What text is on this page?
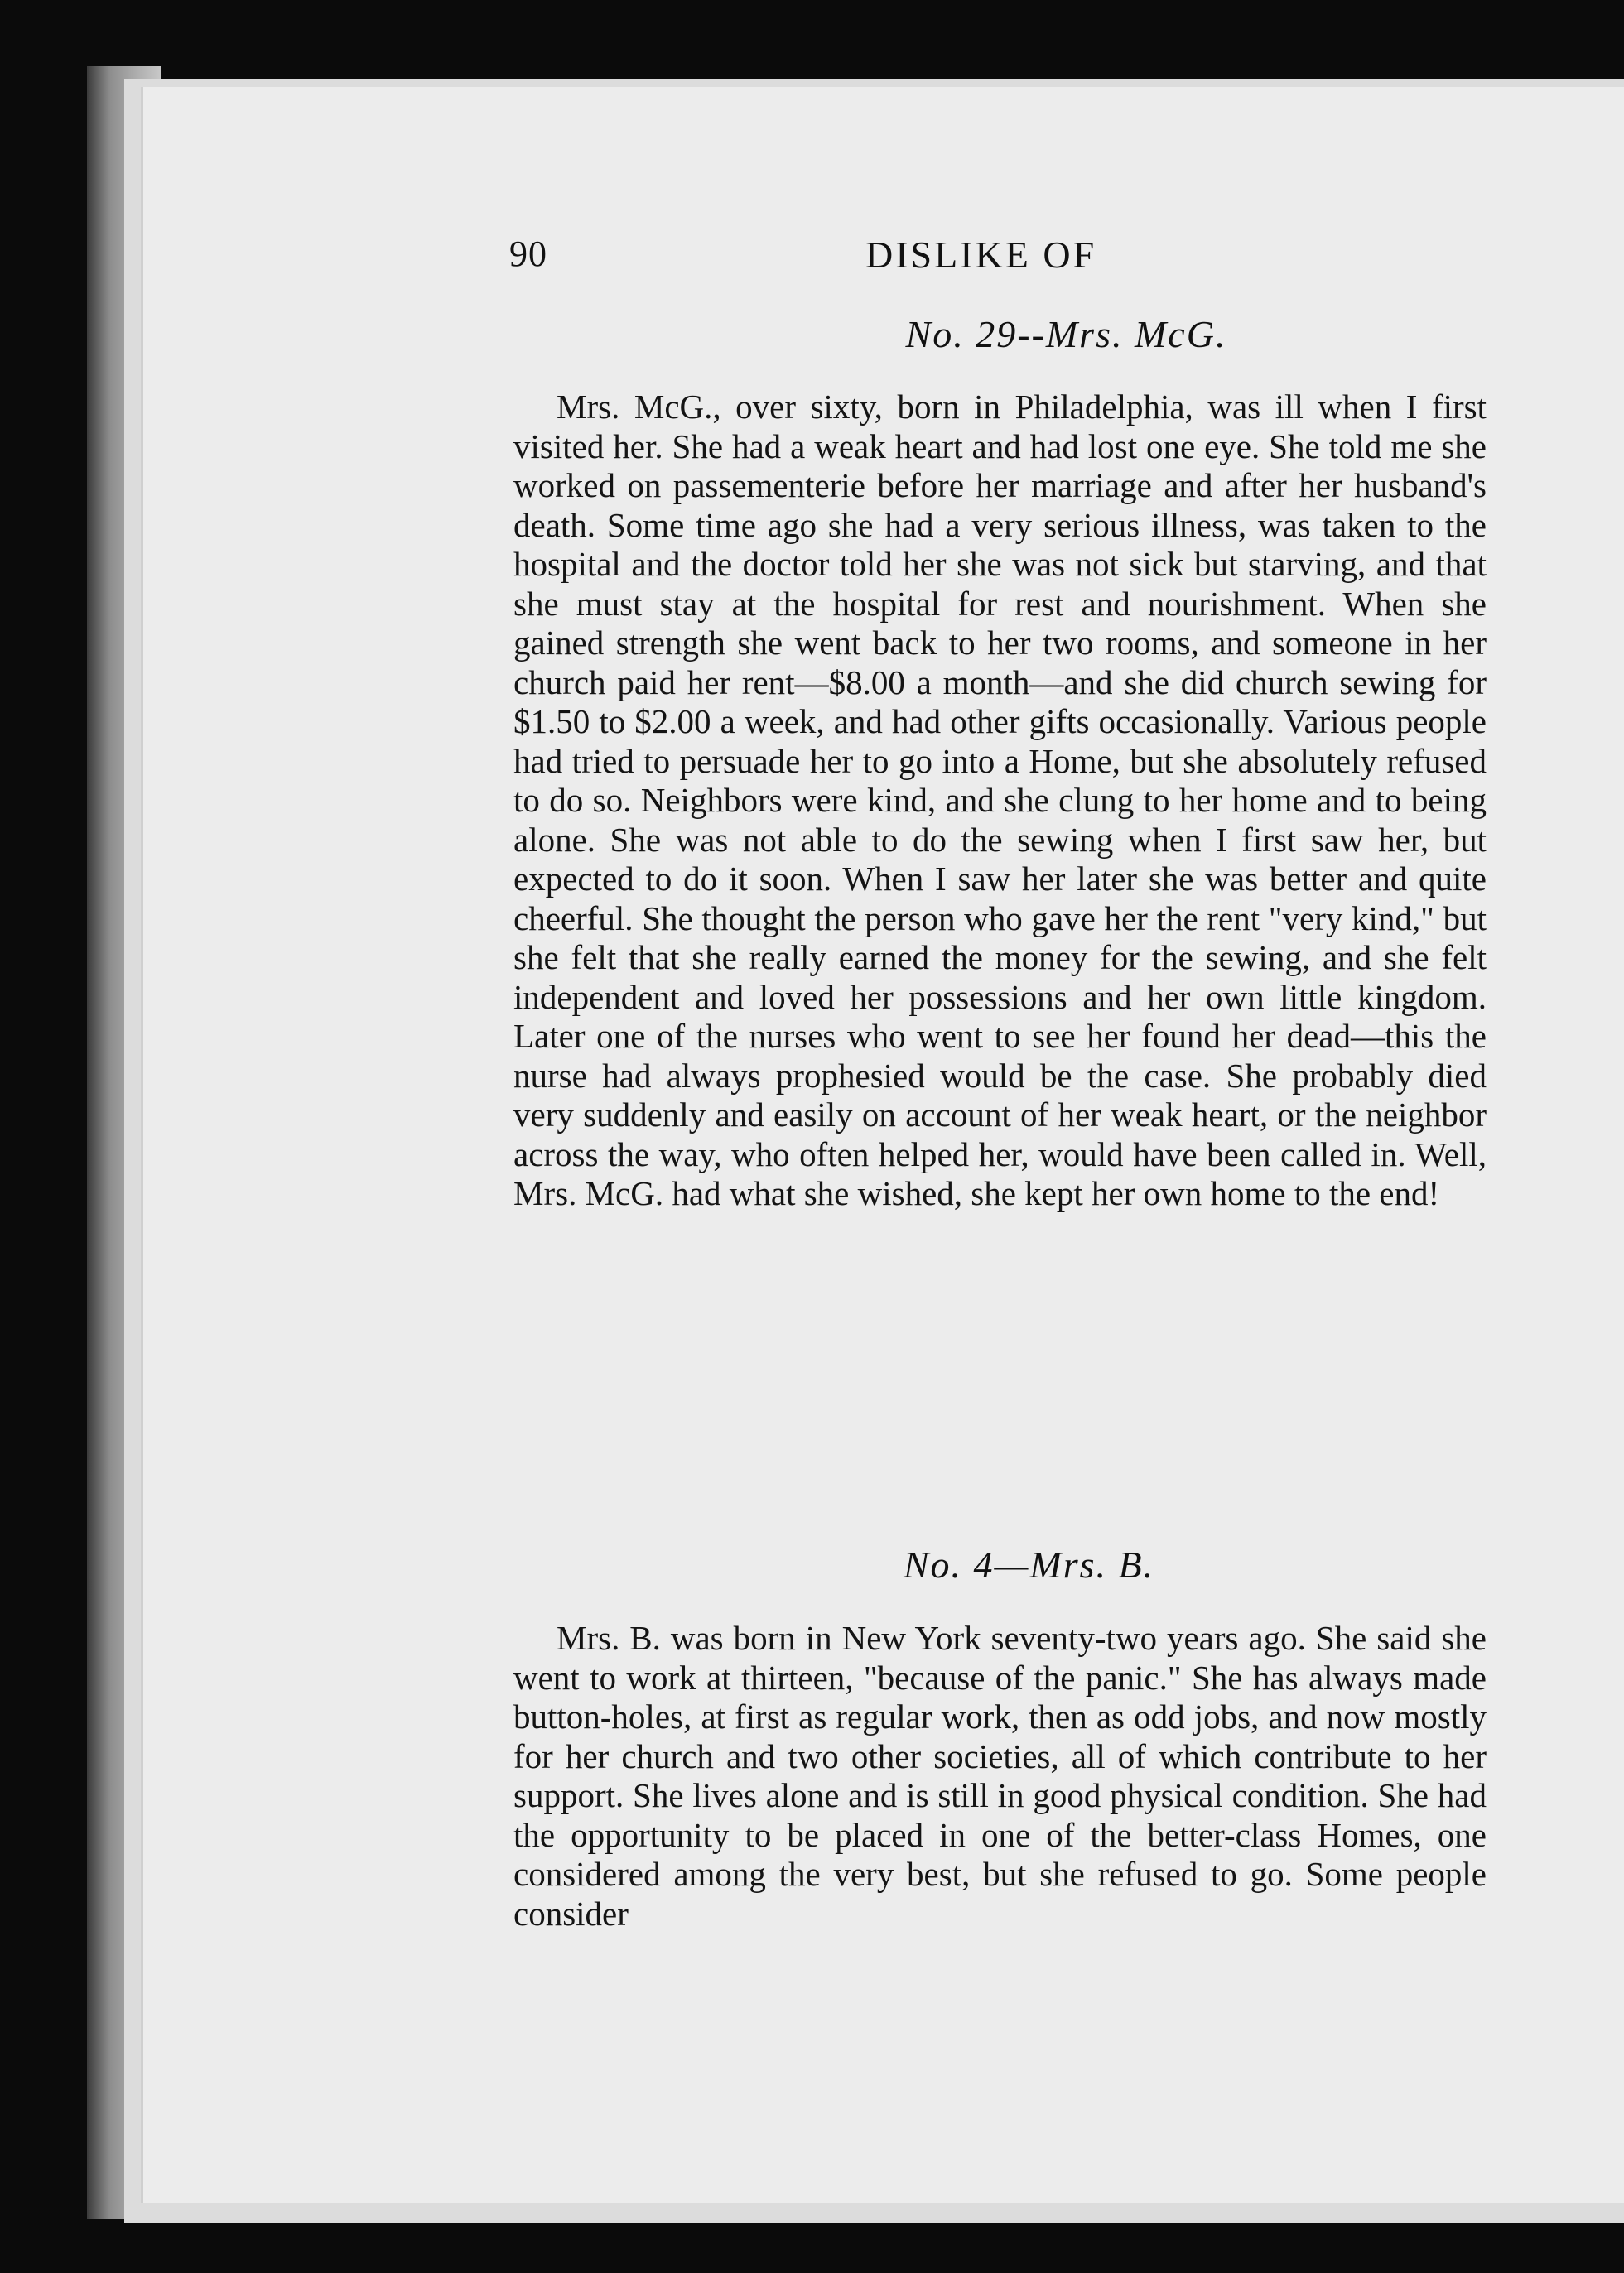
90	DISLIKE OF
No. 29--Mrs. McG.

Mrs. McG., over sixty, born in Philadelphia, was ill when I first visited her. She had a weak heart and had lost one eye. She told me she worked on passementerie before her marriage and after her husband's death. Some time ago she had a very serious illness, was taken to the hospital and the doctor told her she was not sick but starving, and that she must stay at the hospital for rest and nourishment. When she gained strength she went back to her two rooms, and someone in her church paid her rent—$8.00 a month—and she did church sewing for $1.50 to $2.00 a week, and had other gifts occasionally. Various people had tried to persuade her to go into a Home, but she absolutely refused to do so. Neighbors were kind, and she clung to her home and to being alone. She was not able to do the sewing when I first saw her, but expected to do it soon. When I saw her later she was better and quite cheerful. She thought the person who gave her the rent "very kind," but she felt that she really earned the money for the sewing, and she felt independent and loved her possessions and her own little kingdom. Later one of the nurses who went to see her found her dead—this the nurse had always prophesied would be the case. She probably died very suddenly and easily on account of her weak heart, or the neighbor across the way, who often helped her, would have been called in. Well, Mrs. McG. had what she wished, she kept her own home to the end!

No. 4—Mrs. B.

Mrs. B. was born in New York seventy-two years ago. She said she went to work at thirteen, "because of the panic." She has always made button-holes, at first as regular work, then as odd jobs, and now mostly for her church and two other societies, all of which contribute to her support. She lives alone and is still in good physical condition. She had the opportunity to be placed in one of the better-class Homes, one considered among the very best, but she refused to go. Some people consider
